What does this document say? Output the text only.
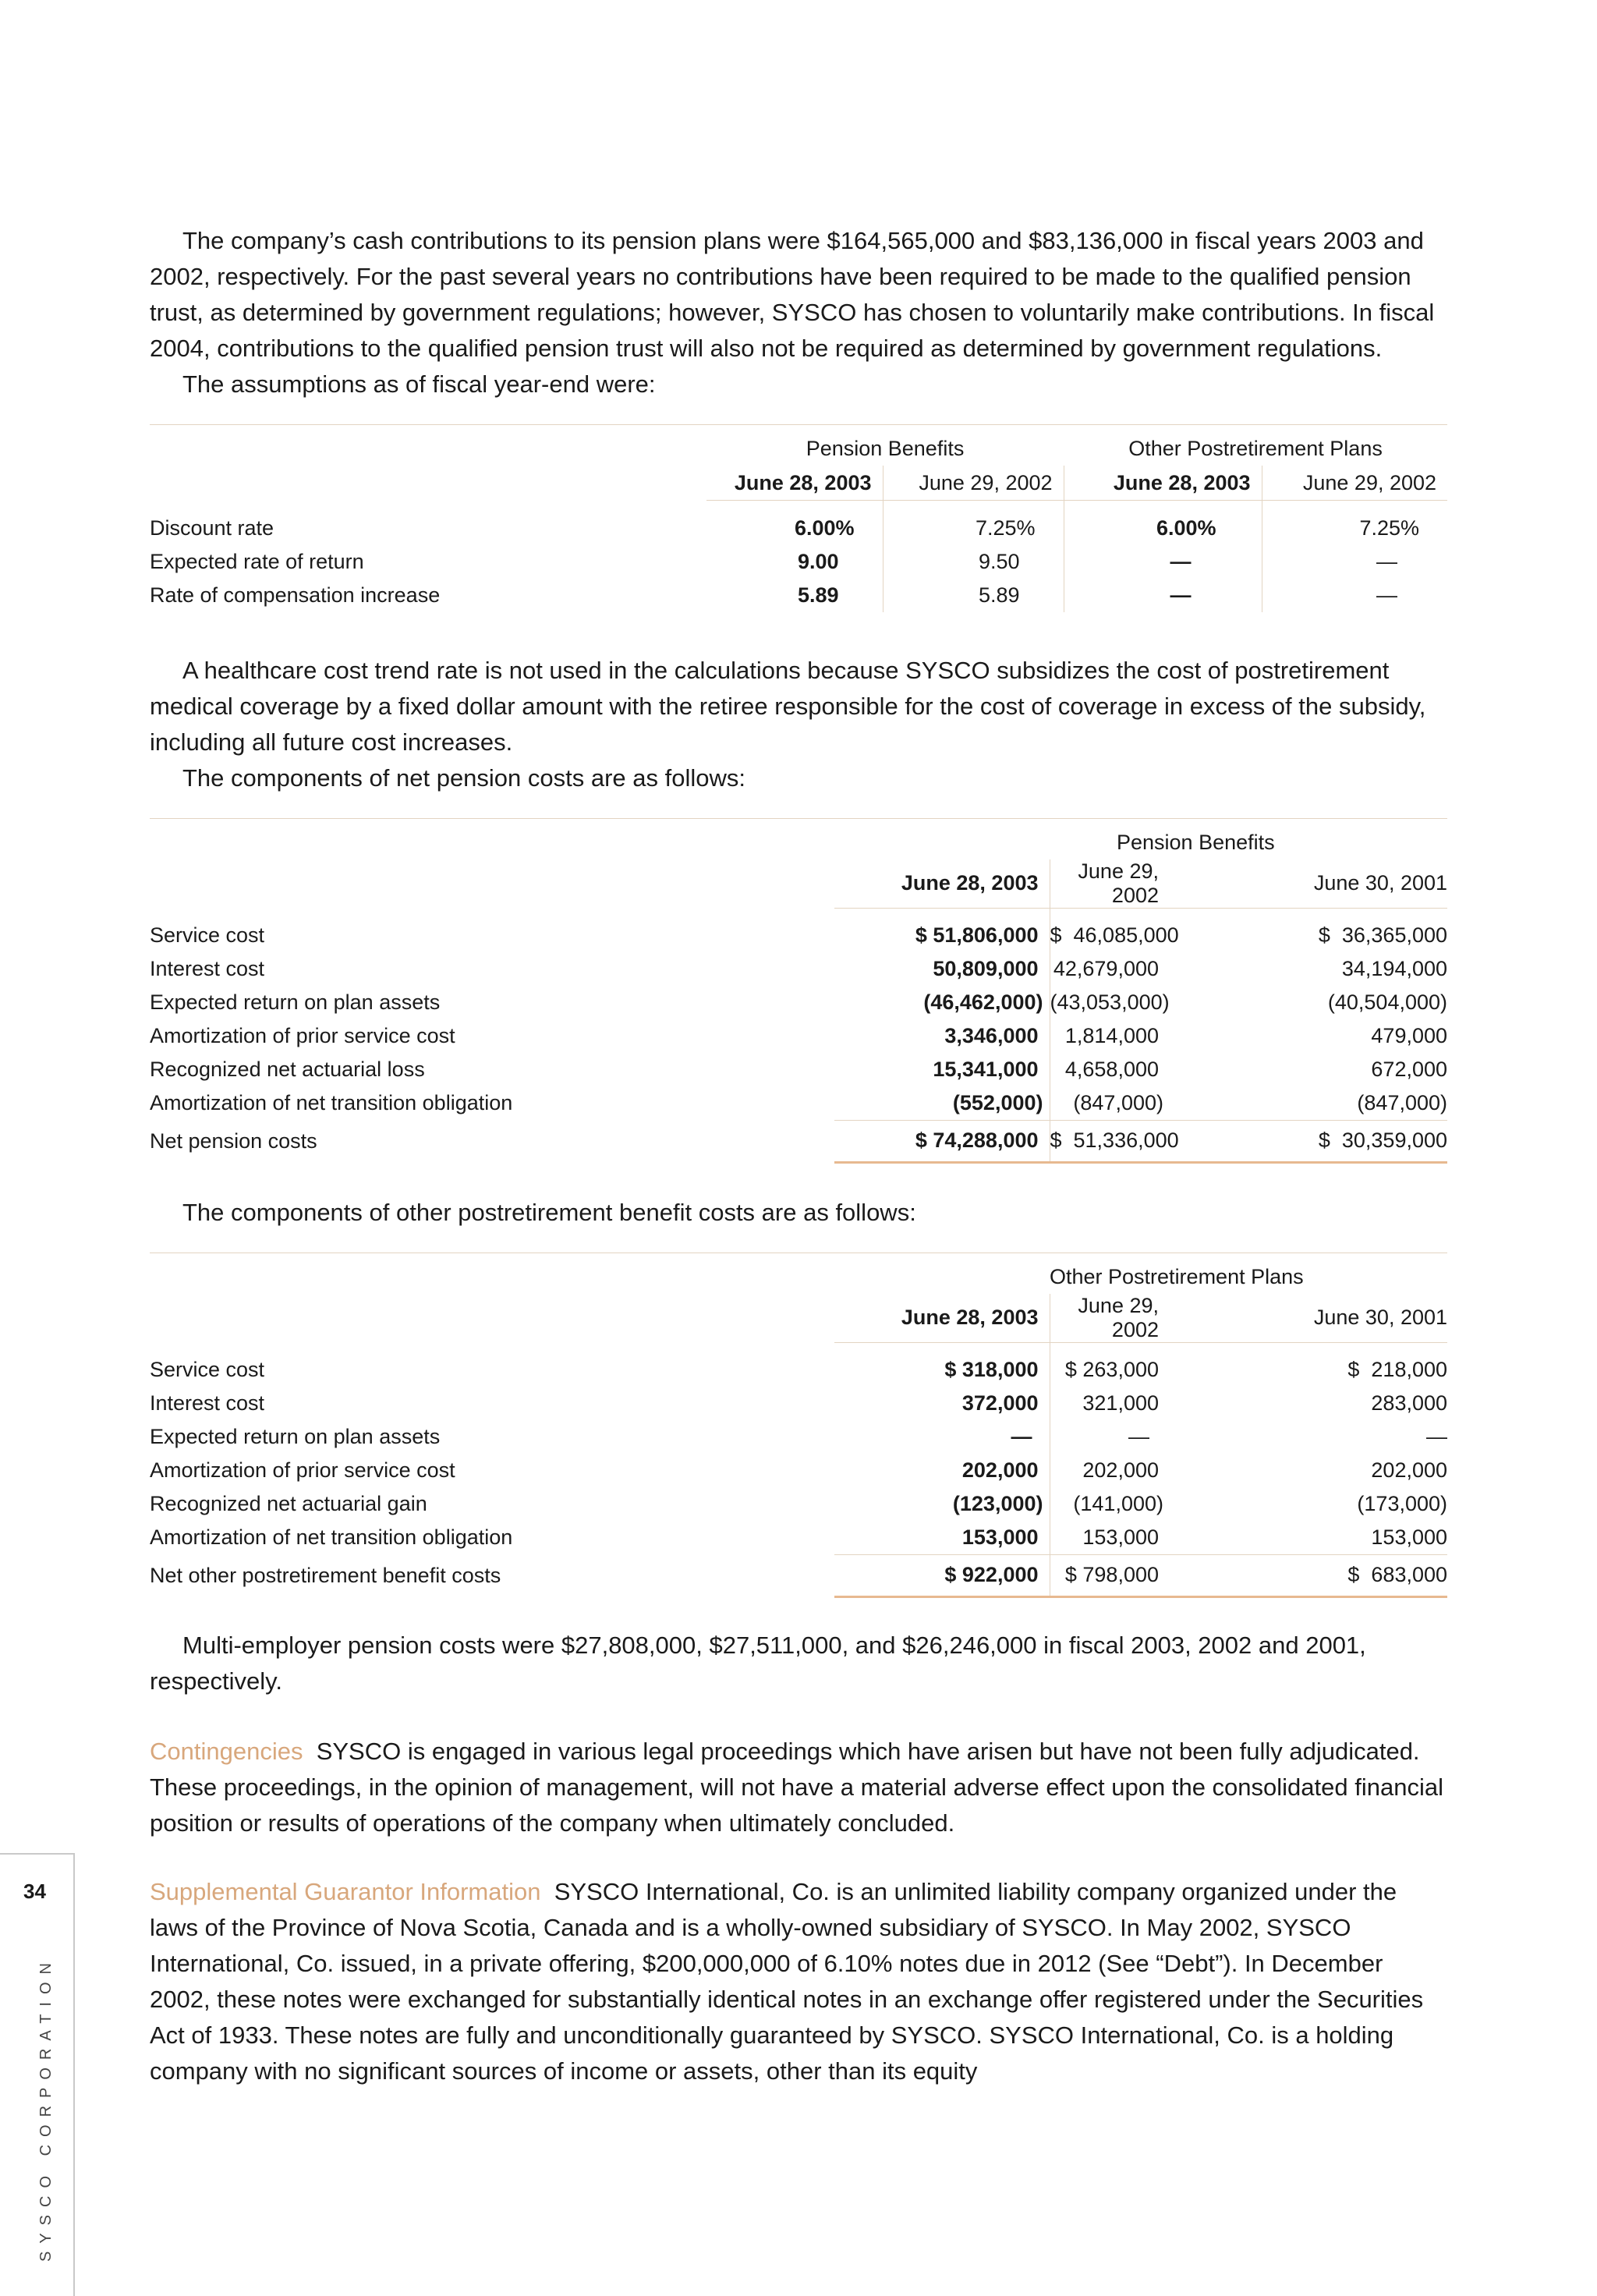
The company’s cash contributions to its pension plans were $164,565,000 and $83,136,000 in fiscal years 2003 and 2002, respectively. For the past several years no contributions have been required to be made to the qualified pension trust, as determined by government regulations; however, SYSCO has chosen to voluntarily make contributions. In fiscal 2004, contributions to the qualified pension trust will also not be required as determined by government regulations.

The assumptions as of fiscal year-end were:

	Pension Benefits		Other Postretirement Plans	
	June 28, 2003	June 29, 2002	June 28, 2003	June 29, 2002
Discount rate	6.00%	7.25%	6.00%	7.25%
Expected rate of return	9.00	9.50	—	—
Rate of compensation increase	5.89	5.89	—	—

A healthcare cost trend rate is not used in the calculations because SYSCO subsidizes the cost of postretirement medical coverage by a fixed dollar amount with the retiree responsible for the cost of coverage in excess of the subsidy, including all future cost increases.

The components of net pension costs are as follows:

		Pension Benefits	
	June 28, 2003	June 29, 2002	June 30, 2001
Service cost	$ 51,806,000	$  46,085,000	$  36,365,000
Interest cost	50,809,000	42,679,000	34,194,000
Expected return on plan assets	(46,462,000)	(43,053,000)	(40,504,000)
Amortization of prior service cost	3,346,000	1,814,000	479,000
Recognized net actuarial loss	15,341,000	4,658,000	672,000
Amortization of net transition obligation	(552,000)	(847,000)	(847,000)
Net pension costs	$ 74,288,000	$  51,336,000	$  30,359,000

The components of other postretirement benefit costs are as follows:

		Other Postretirement Plans	
	June 28, 2003	June 29, 2002	June 30, 2001
Service cost	$ 318,000	$ 263,000	$  218,000
Interest cost	372,000	321,000	283,000
Expected return on plan assets	—	—	—
Amortization of prior service cost	202,000	202,000	202,000
Recognized net actuarial gain	(123,000)	(141,000)	(173,000)
Amortization of net transition obligation	153,000	153,000	153,000
Net other postretirement benefit costs	$ 922,000	$ 798,000	$  683,000

Multi-employer pension costs were $27,808,000, $27,511,000, and $26,246,000 in fiscal 2003, 2002 and 2001, respectively.

Contingencies SYSCO is engaged in various legal proceedings which have arisen but have not been fully adjudicated. These proceedings, in the opinion of management, will not have a material adverse effect upon the consolidated financial position or results of operations of the company when ultimately concluded.

Supplemental Guarantor Information SYSCO International, Co. is an unlimited liability company organized under the laws of the Province of Nova Scotia, Canada and is a wholly-owned subsidiary of SYSCO. In May 2002, SYSCO International, Co. issued, in a private offering, $200,000,000 of 6.10% notes due in 2012 (See “Debt”). In December 2002, these notes were exchanged for substantially identical notes in an exchange offer registered under the Securities Act of 1933. These notes are fully and unconditionally guaranteed by SYSCO. SYSCO International, Co. is a holding company with no significant sources of income or assets, other than its equity

34
SYSCO CORPORATION
